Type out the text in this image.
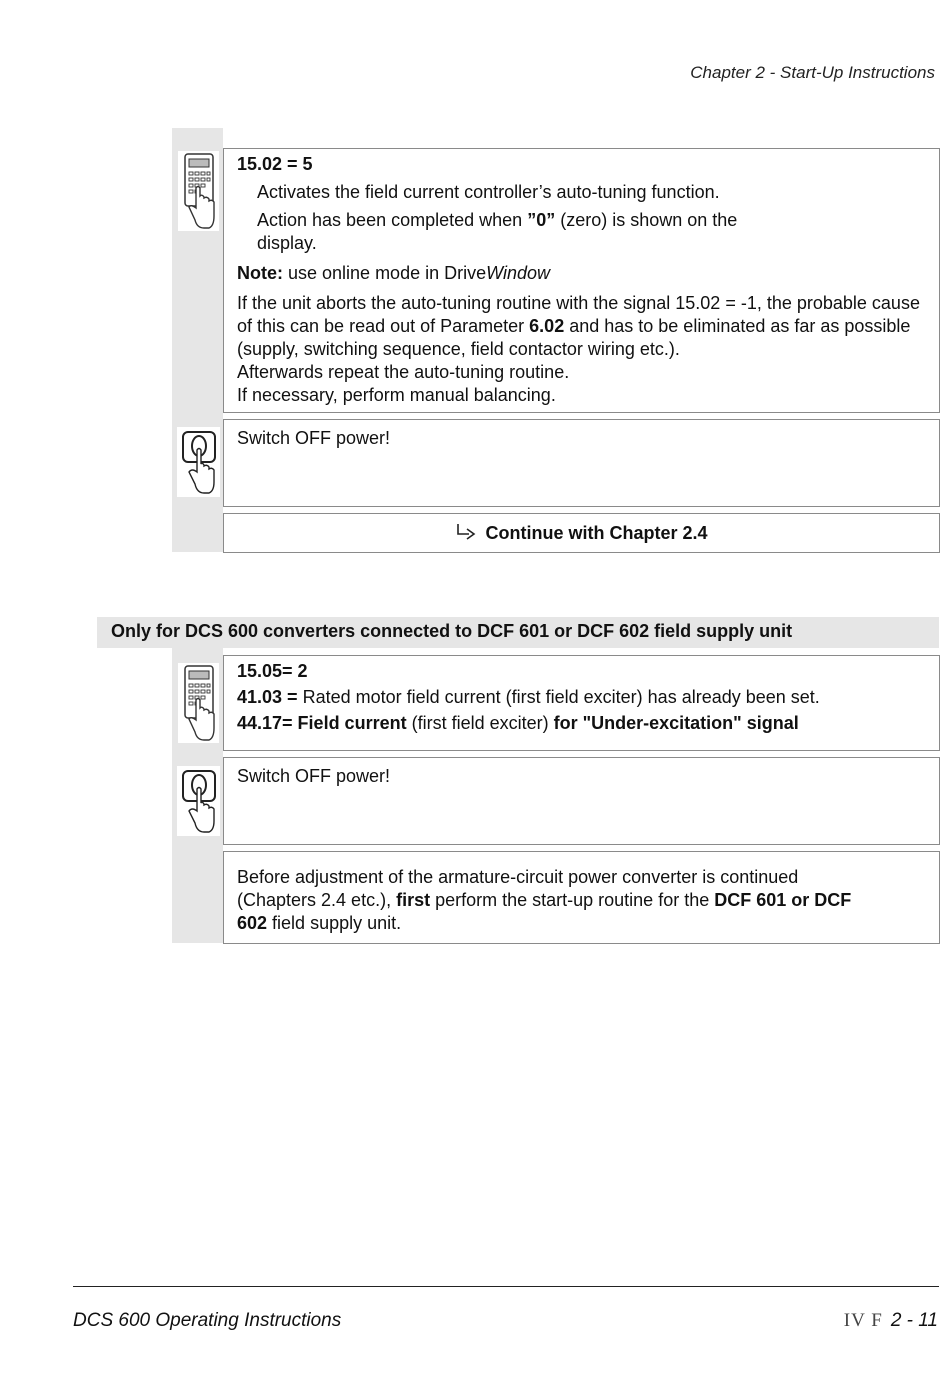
Chapter 2 - Start-Up Instructions
15.02 = 5
Activates the field current controller’s auto-tuning function.
Action has been completed when ”0” (zero) is shown on the
display.
Note: use online mode in DriveWindow
If the unit aborts the auto-tuning routine with the signal 15.02 = -1, the probable cause of this can be read out of Parameter 6.02 and has to be eliminated as far as possible (supply, switching sequence, field contactor wiring etc.).
Afterwards repeat the auto-tuning routine.
If necessary, perform manual balancing.
Switch OFF power!
Continue with Chapter 2.4
Only for DCS 600 converters connected to DCF 601 or DCF 602 field supply unit
15.05= 2
41.03 = Rated motor field current (first field exciter) has already been set.
44.17= Field current (first field exciter) for "Under-excitation" signal
Switch OFF power!
Before adjustment of the armature-circuit power converter is continued (Chapters 2.4 etc.), first perform the start-up routine for the DCF 601 or DCF 602 field supply unit.
DCS 600 Operating Instructions	IV F 2 - 11
